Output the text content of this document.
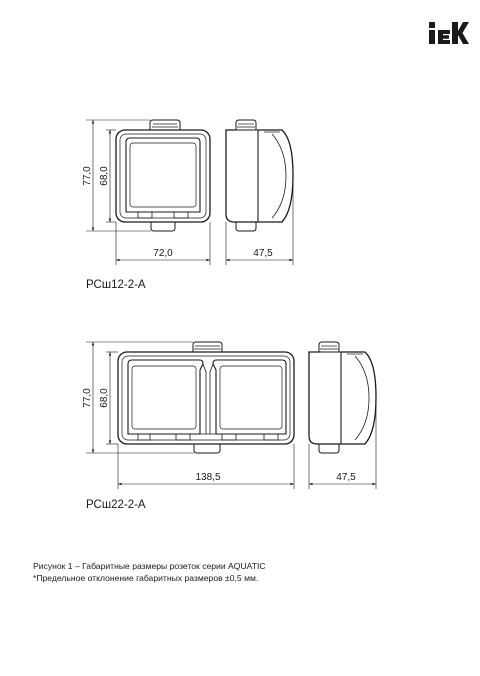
77,0 68,0
72,0	47,5
РСш12-2-А
77,0 68,0
138,5	47,5
РСш22-2-А
Рисунок 1 – Габаритные размеры розеток серии AQUATIC
*Предельное отклонение габаритных размеров ±0,5 мм.
